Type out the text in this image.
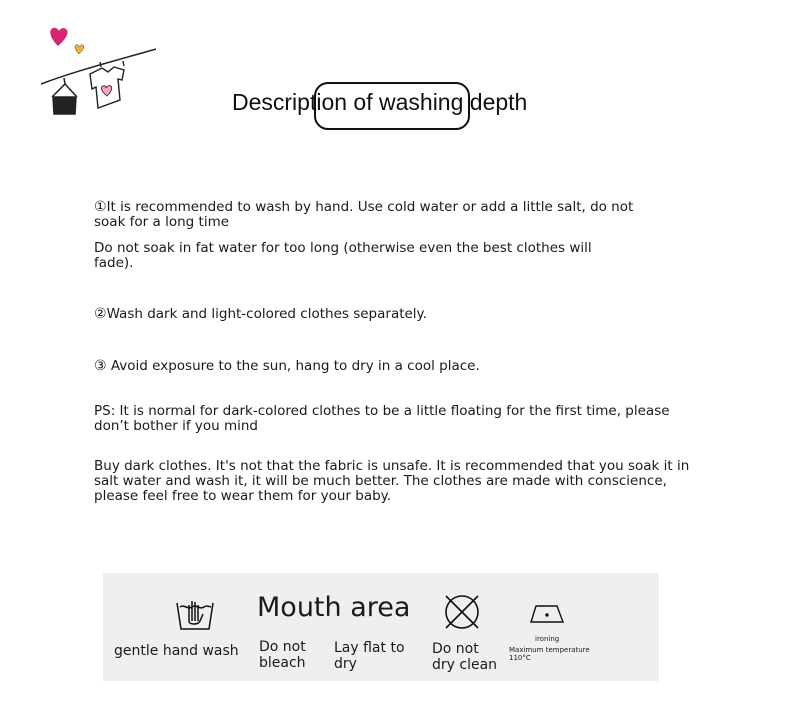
Description of washing depth
①It is recommended to wash by hand. Use cold water or add a little salt, do not soak for a long time
Do not soak in fat water for too long (otherwise even the best clothes will fade).
②Wash dark and light-colored clothes separately.
③ Avoid exposure to the sun, hang to dry in a cool place.
PS: It is normal for dark-colored clothes to be a little floating for the first time, please don’t bother if you mind
Buy dark clothes. It's not that the fabric is unsafe. It is recommended that you soak it in salt water and wash it, it will be much better. The clothes are made with conscience, please feel free to wear them for your baby.
gentle hand wash
Mouth area
Do not bleach
Lay flat to dry
Do not dry clean
ironing
Maximum temperature 110°C
